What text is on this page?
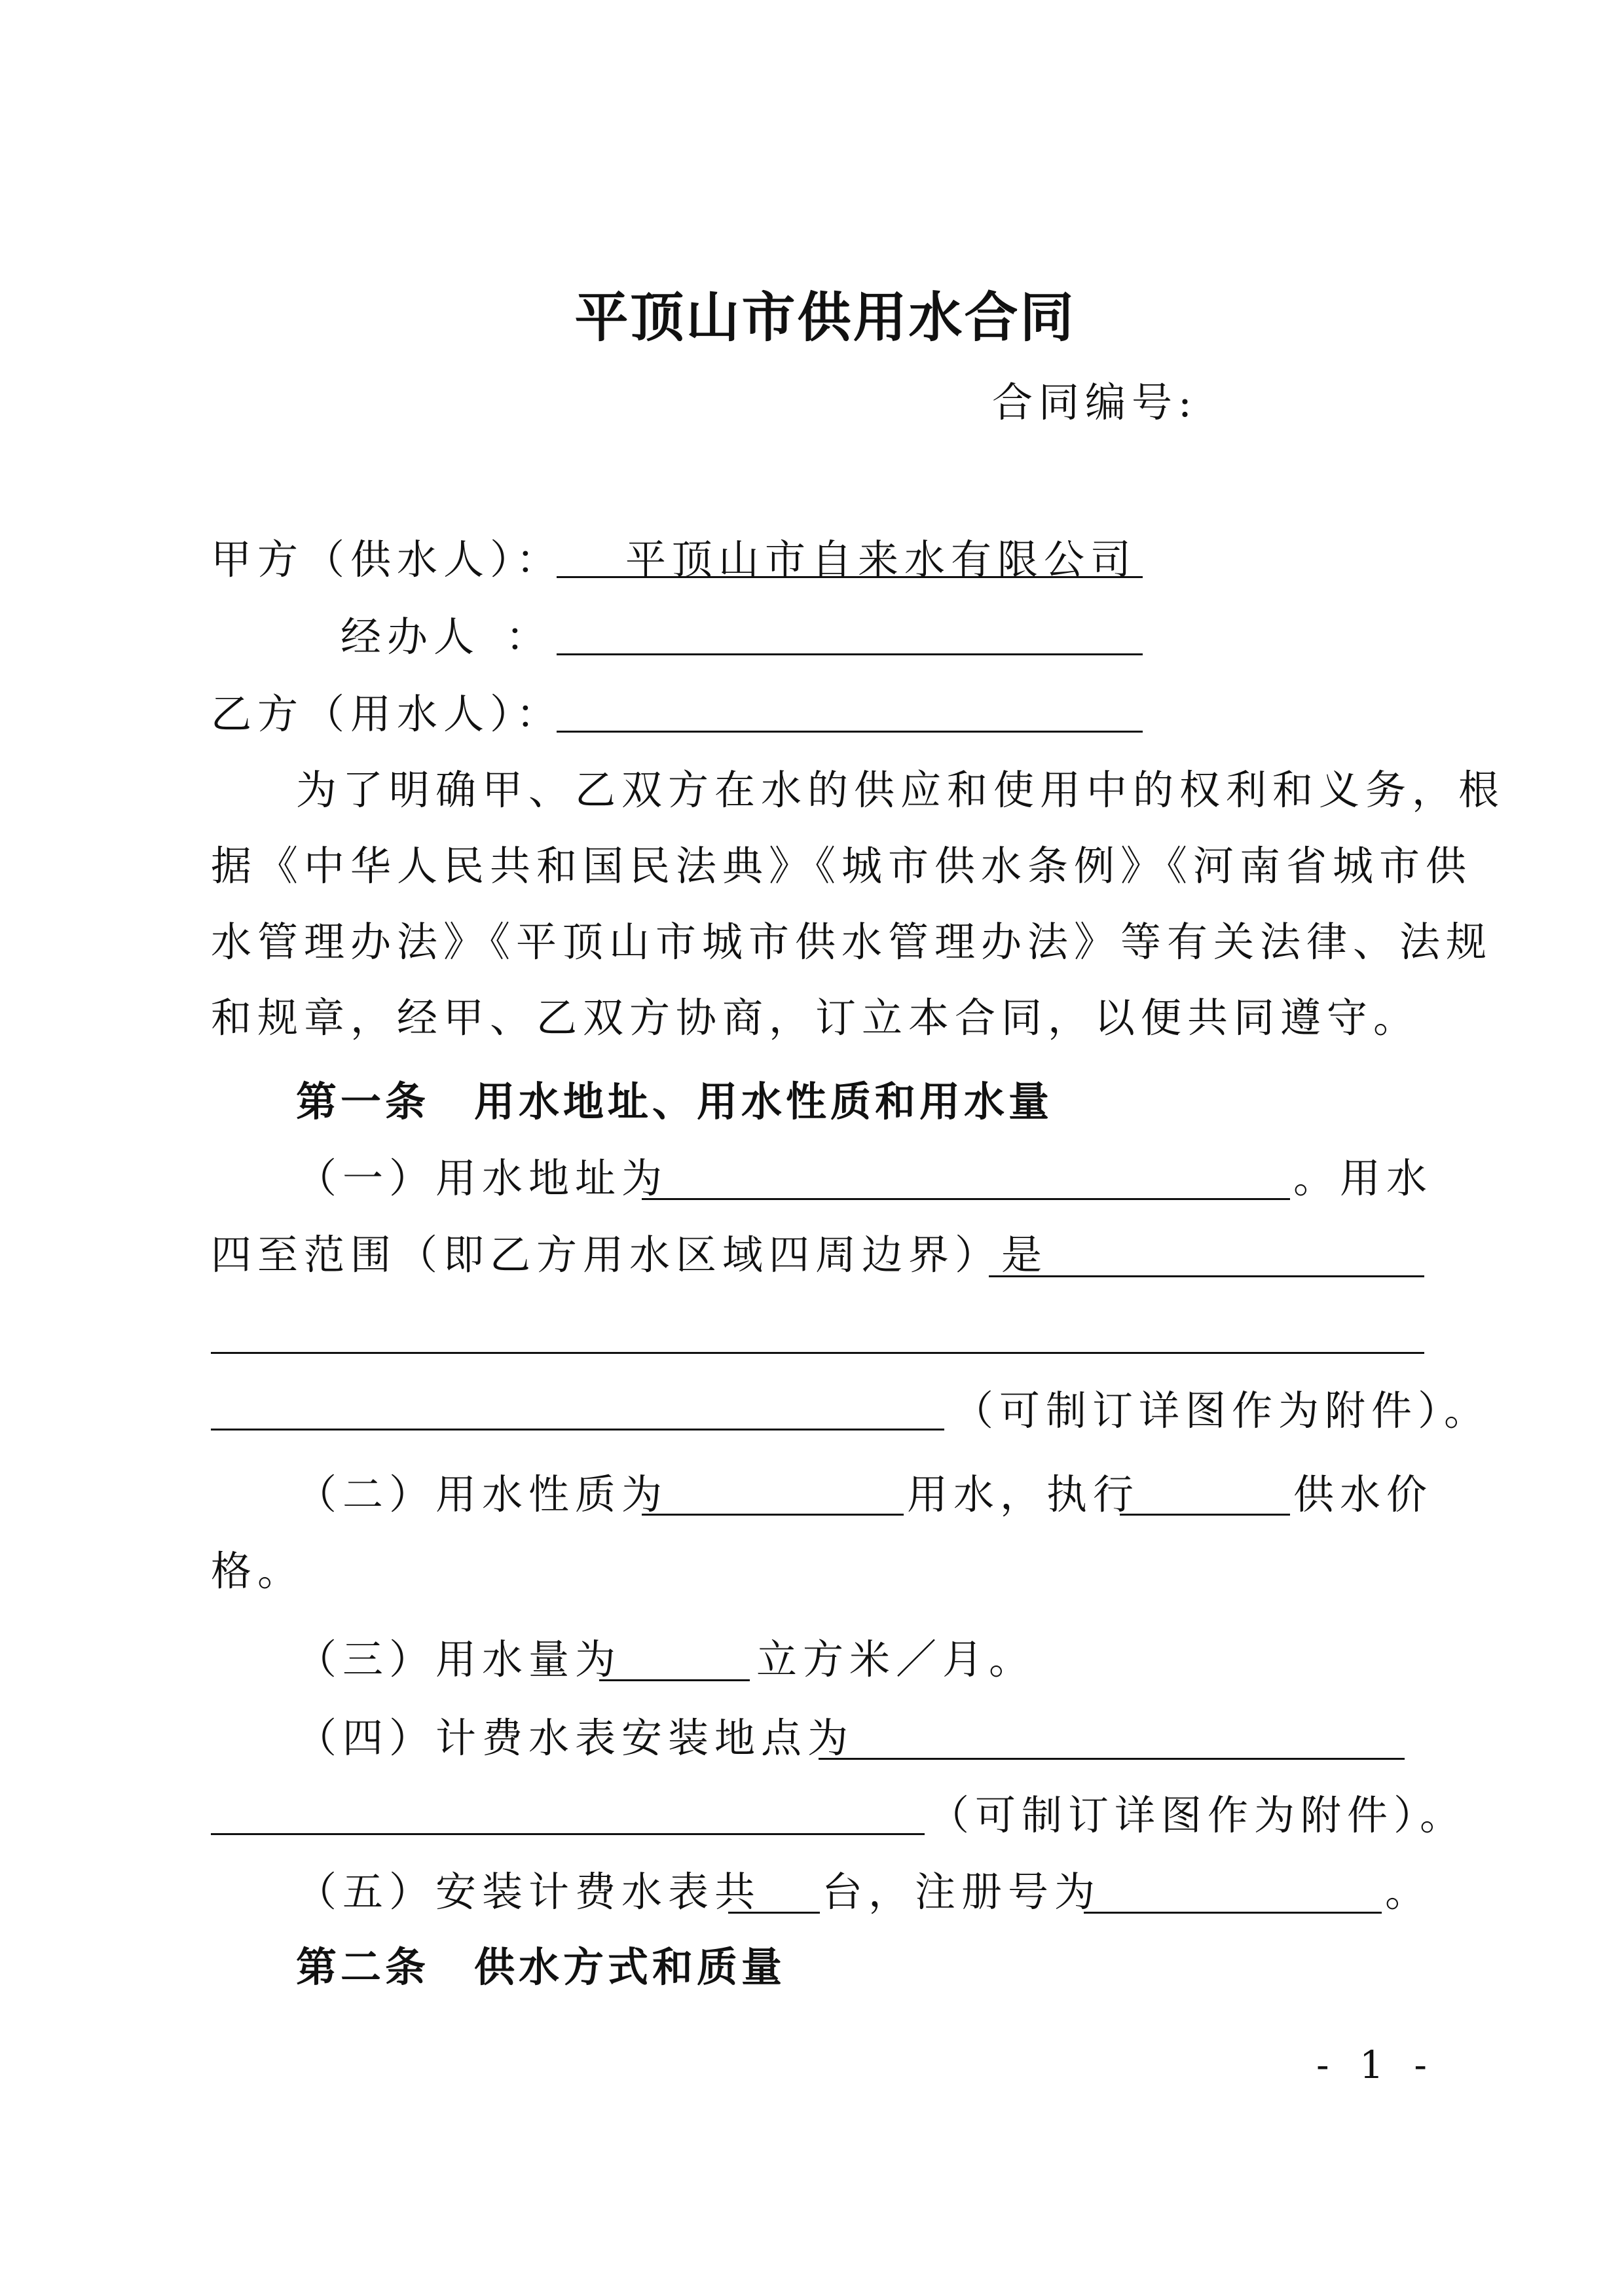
平顶山市供用水合同
合同编号:
甲方（供水人）： 平顶山市自来水有限公司
经办人 ：
乙方（用水人）：
为了明确甲、乙双方在水的供应和使用中的权利和义务，根
据《中华人民共和国民法典》《城市供水条例》《河南省城市供
水管理办法》《平顶山市城市供水管理办法》等有关法律、法规
和规章，经甲、乙双方协商，订立本合同，以便共同遵守。
第一条　用水地址、用水性质和用水量
（一）用水地址为	。用水
四至范围（即乙方用水区域四周边界）是
（可制订详图作为附件）。
（二）用水性质为	用水，执行	供水价
格。
（三）用水量为	立方米／月。
（四）计费水表安装地点为
（可制订详图作为附件）。
（五）安装计费水表共 台，注册号为	。
第二条　供水方式和质量
- 1 -
